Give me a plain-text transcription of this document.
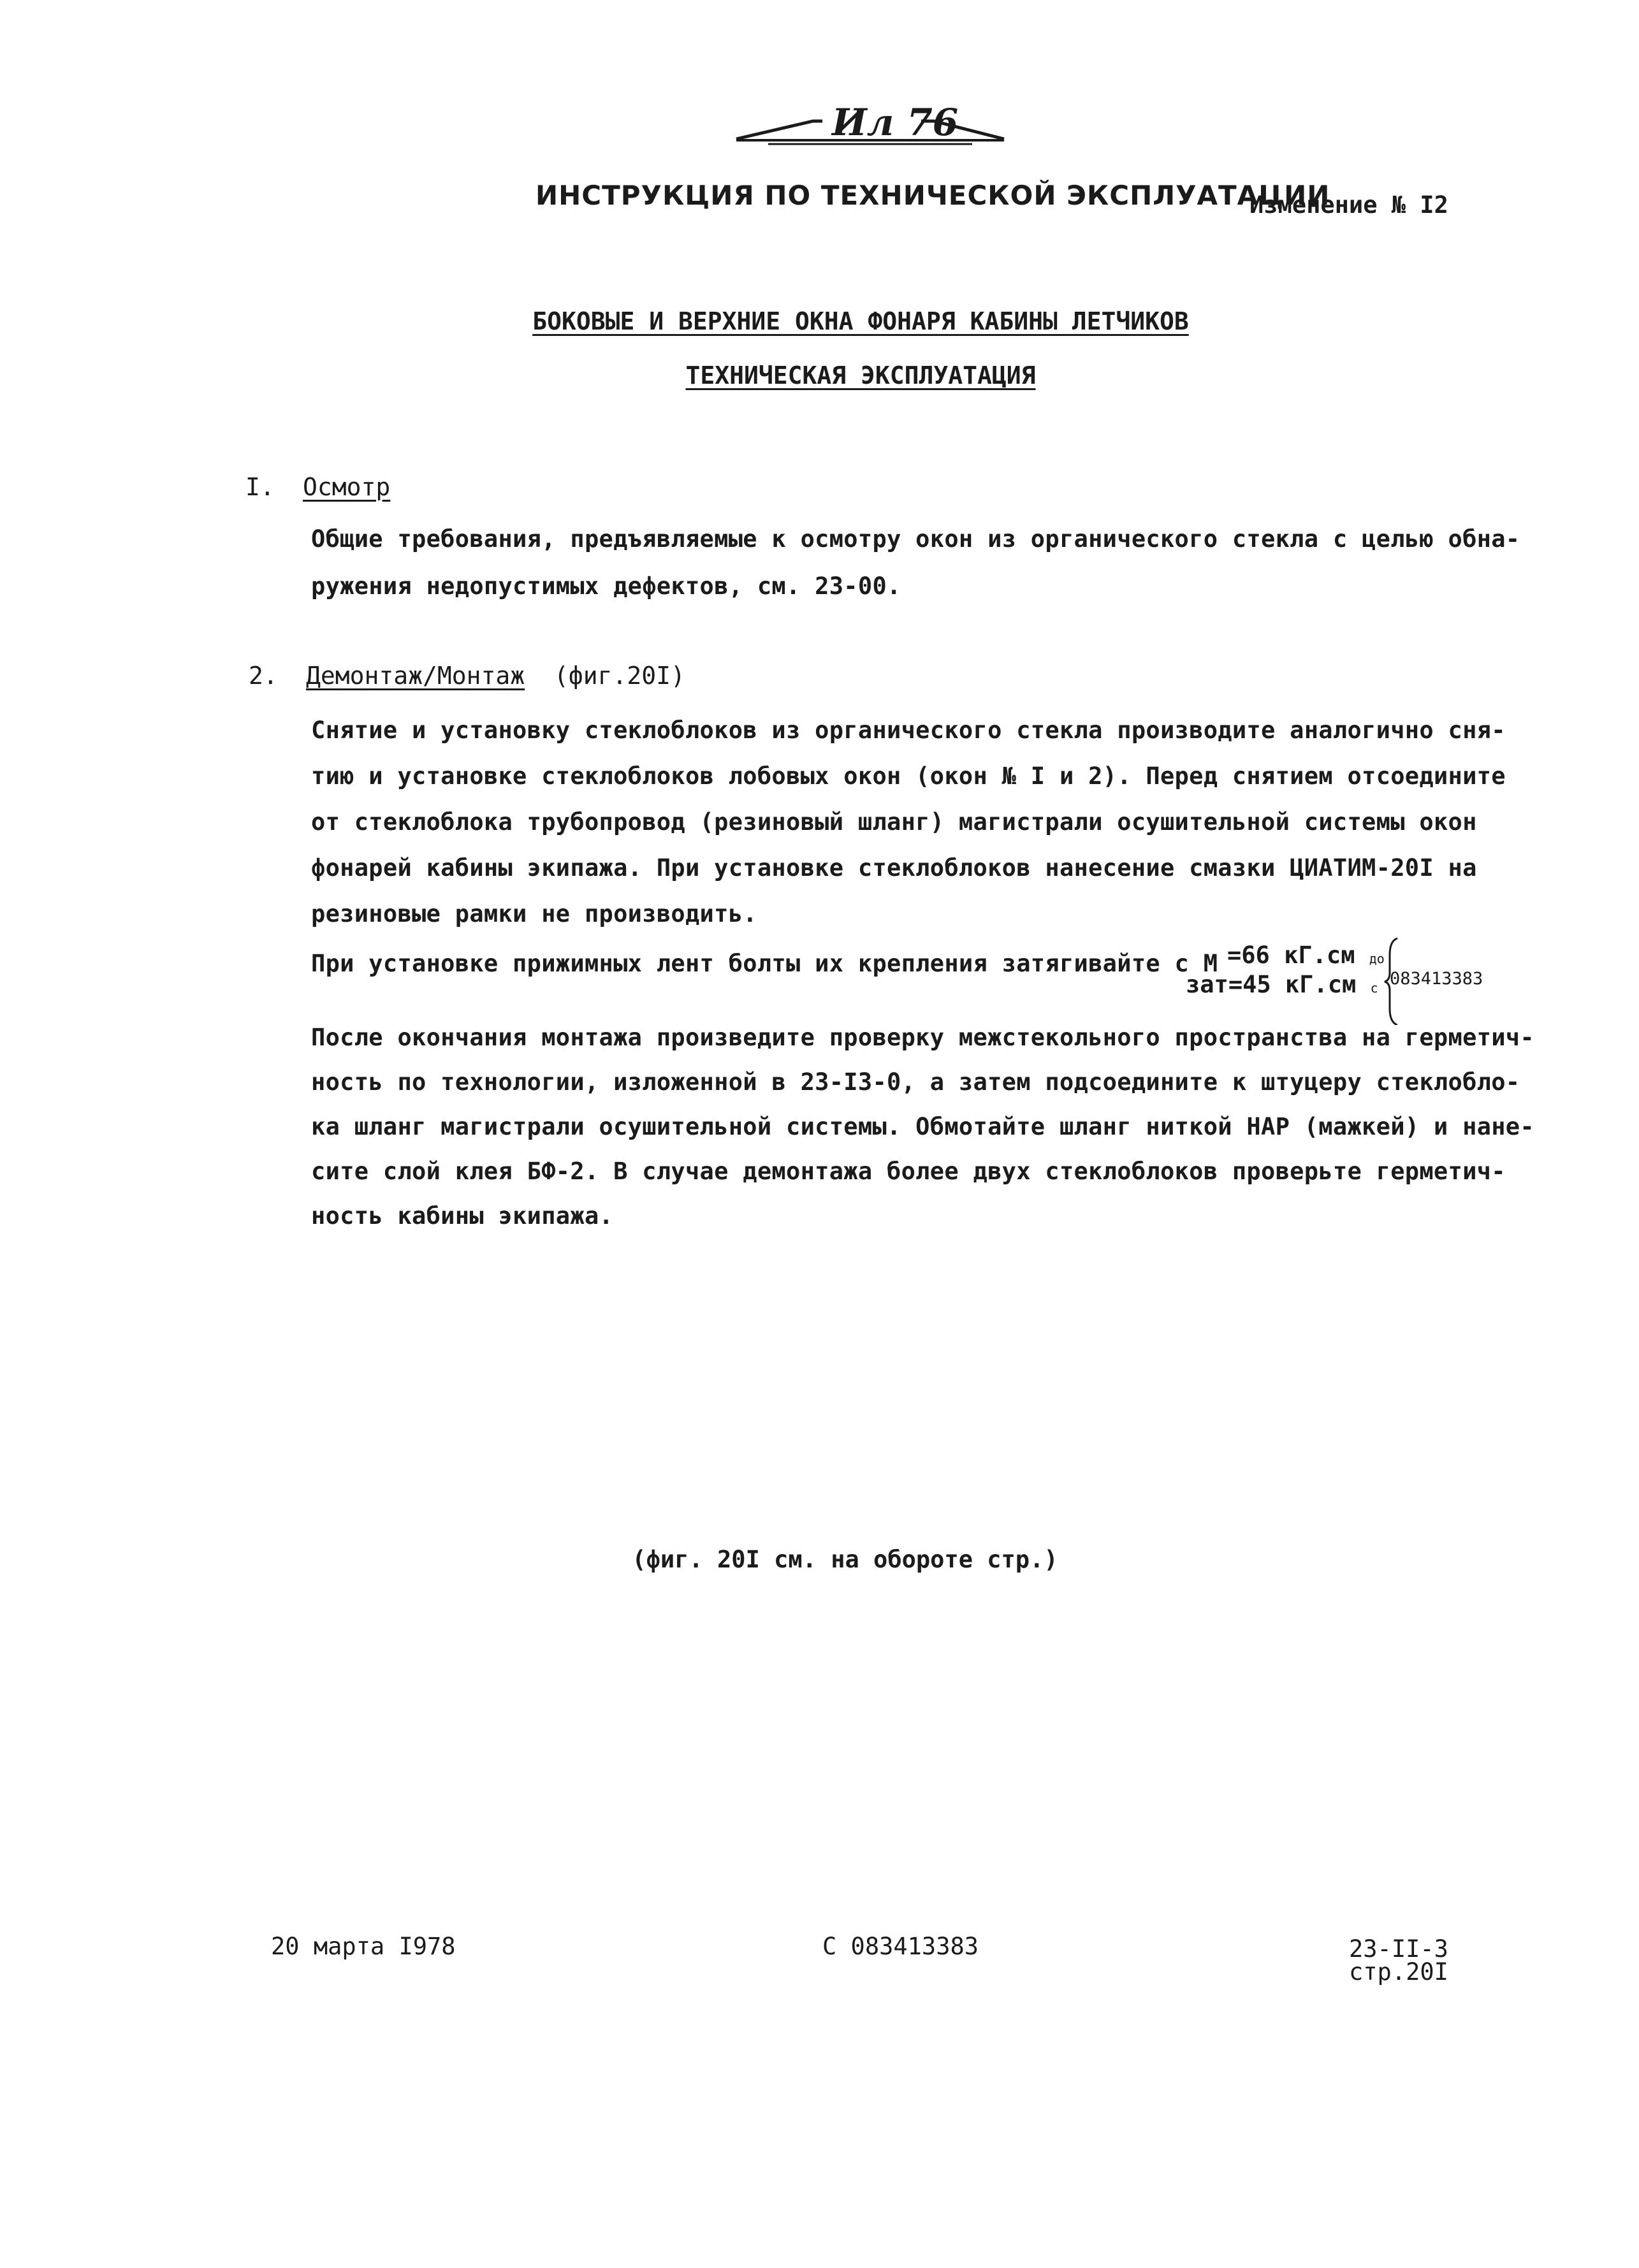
Ил 76
ИНСТРУКЦИЯ ПО ТЕХНИЧЕСКОЙ ЭКСПЛУАТАЦИИ
Изменение № I2
БОКОВЫЕ И ВЕРХНИЕ ОКНА ФОНАРЯ КАБИНЫ ЛЕТЧИКОВ
ТЕХНИЧЕСКАЯ ЭКСПЛУАТАЦИЯ
I. Осмотр
Общие требования, предъявляемые к осмотру окон из органического стекла с целью обна-
ружения недопустимых дефектов, см. 23-00.
2. Демонтаж/Монтаж (фиг.20I)
Снятие и установку стеклоблоков из органического стекла производите аналогично сня-
тию и установке стеклоблоков лобовых окон (окон № I и 2). Перед снятием отсоедините
от стеклоблока трубопровод (резиновый шланг) магистрали осушительной системы окон
фонарей кабины экипажа. При установке стеклоблоков нанесение смазки ЦИАТИМ-20I на
резиновые рамки не производить.
При установке прижимных лент болты их крепления затягивайте с М =66 кГ.см до
зат=45 кГ.см с 083413383
После окончания монтажа произведите проверку межстекольного пространства на герметич-
ность по технологии, изложенной в 23-I3-0, а затем подсоедините к штуцеру стеклобло-
ка шланг магистрали осушительной системы. Обмотайте шланг ниткой НАР (мажкей) и нане-
сите слой клея БФ-2. В случае демонтажа более двух стеклоблоков проверьте герметич-
ность кабины экипажа.
(фиг. 20I см. на обороте стр.)
20 марта I978	С 083413383	23-II-3
стр.20I
